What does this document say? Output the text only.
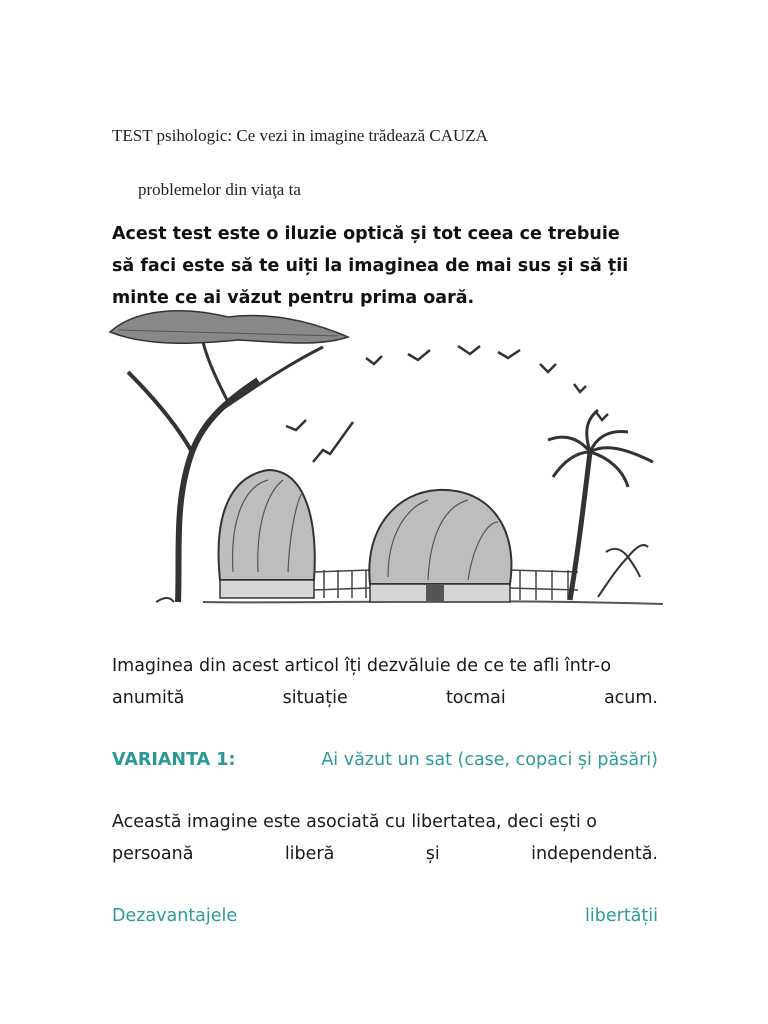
TEST psihologic: Ce vezi in imagine trădează CAUZA
problemelor din viaţa ta
Acest test este o iluzie optică și tot ceea ce trebuie
să faci este să te uiți la imaginea de mai sus și să ții
minte ce ai văzut pentru prima oară.
Imaginea din acest articol îți dezvăluie de ce te afli într-o
anumită	situație	tocmai	acum.
VARIANTA 1:	Ai văzut un sat (case, copaci și păsări)
Această imagine este asociată cu libertatea, deci ești o
persoană	liberă	și	independentă.
Dezavantajele	libertății
